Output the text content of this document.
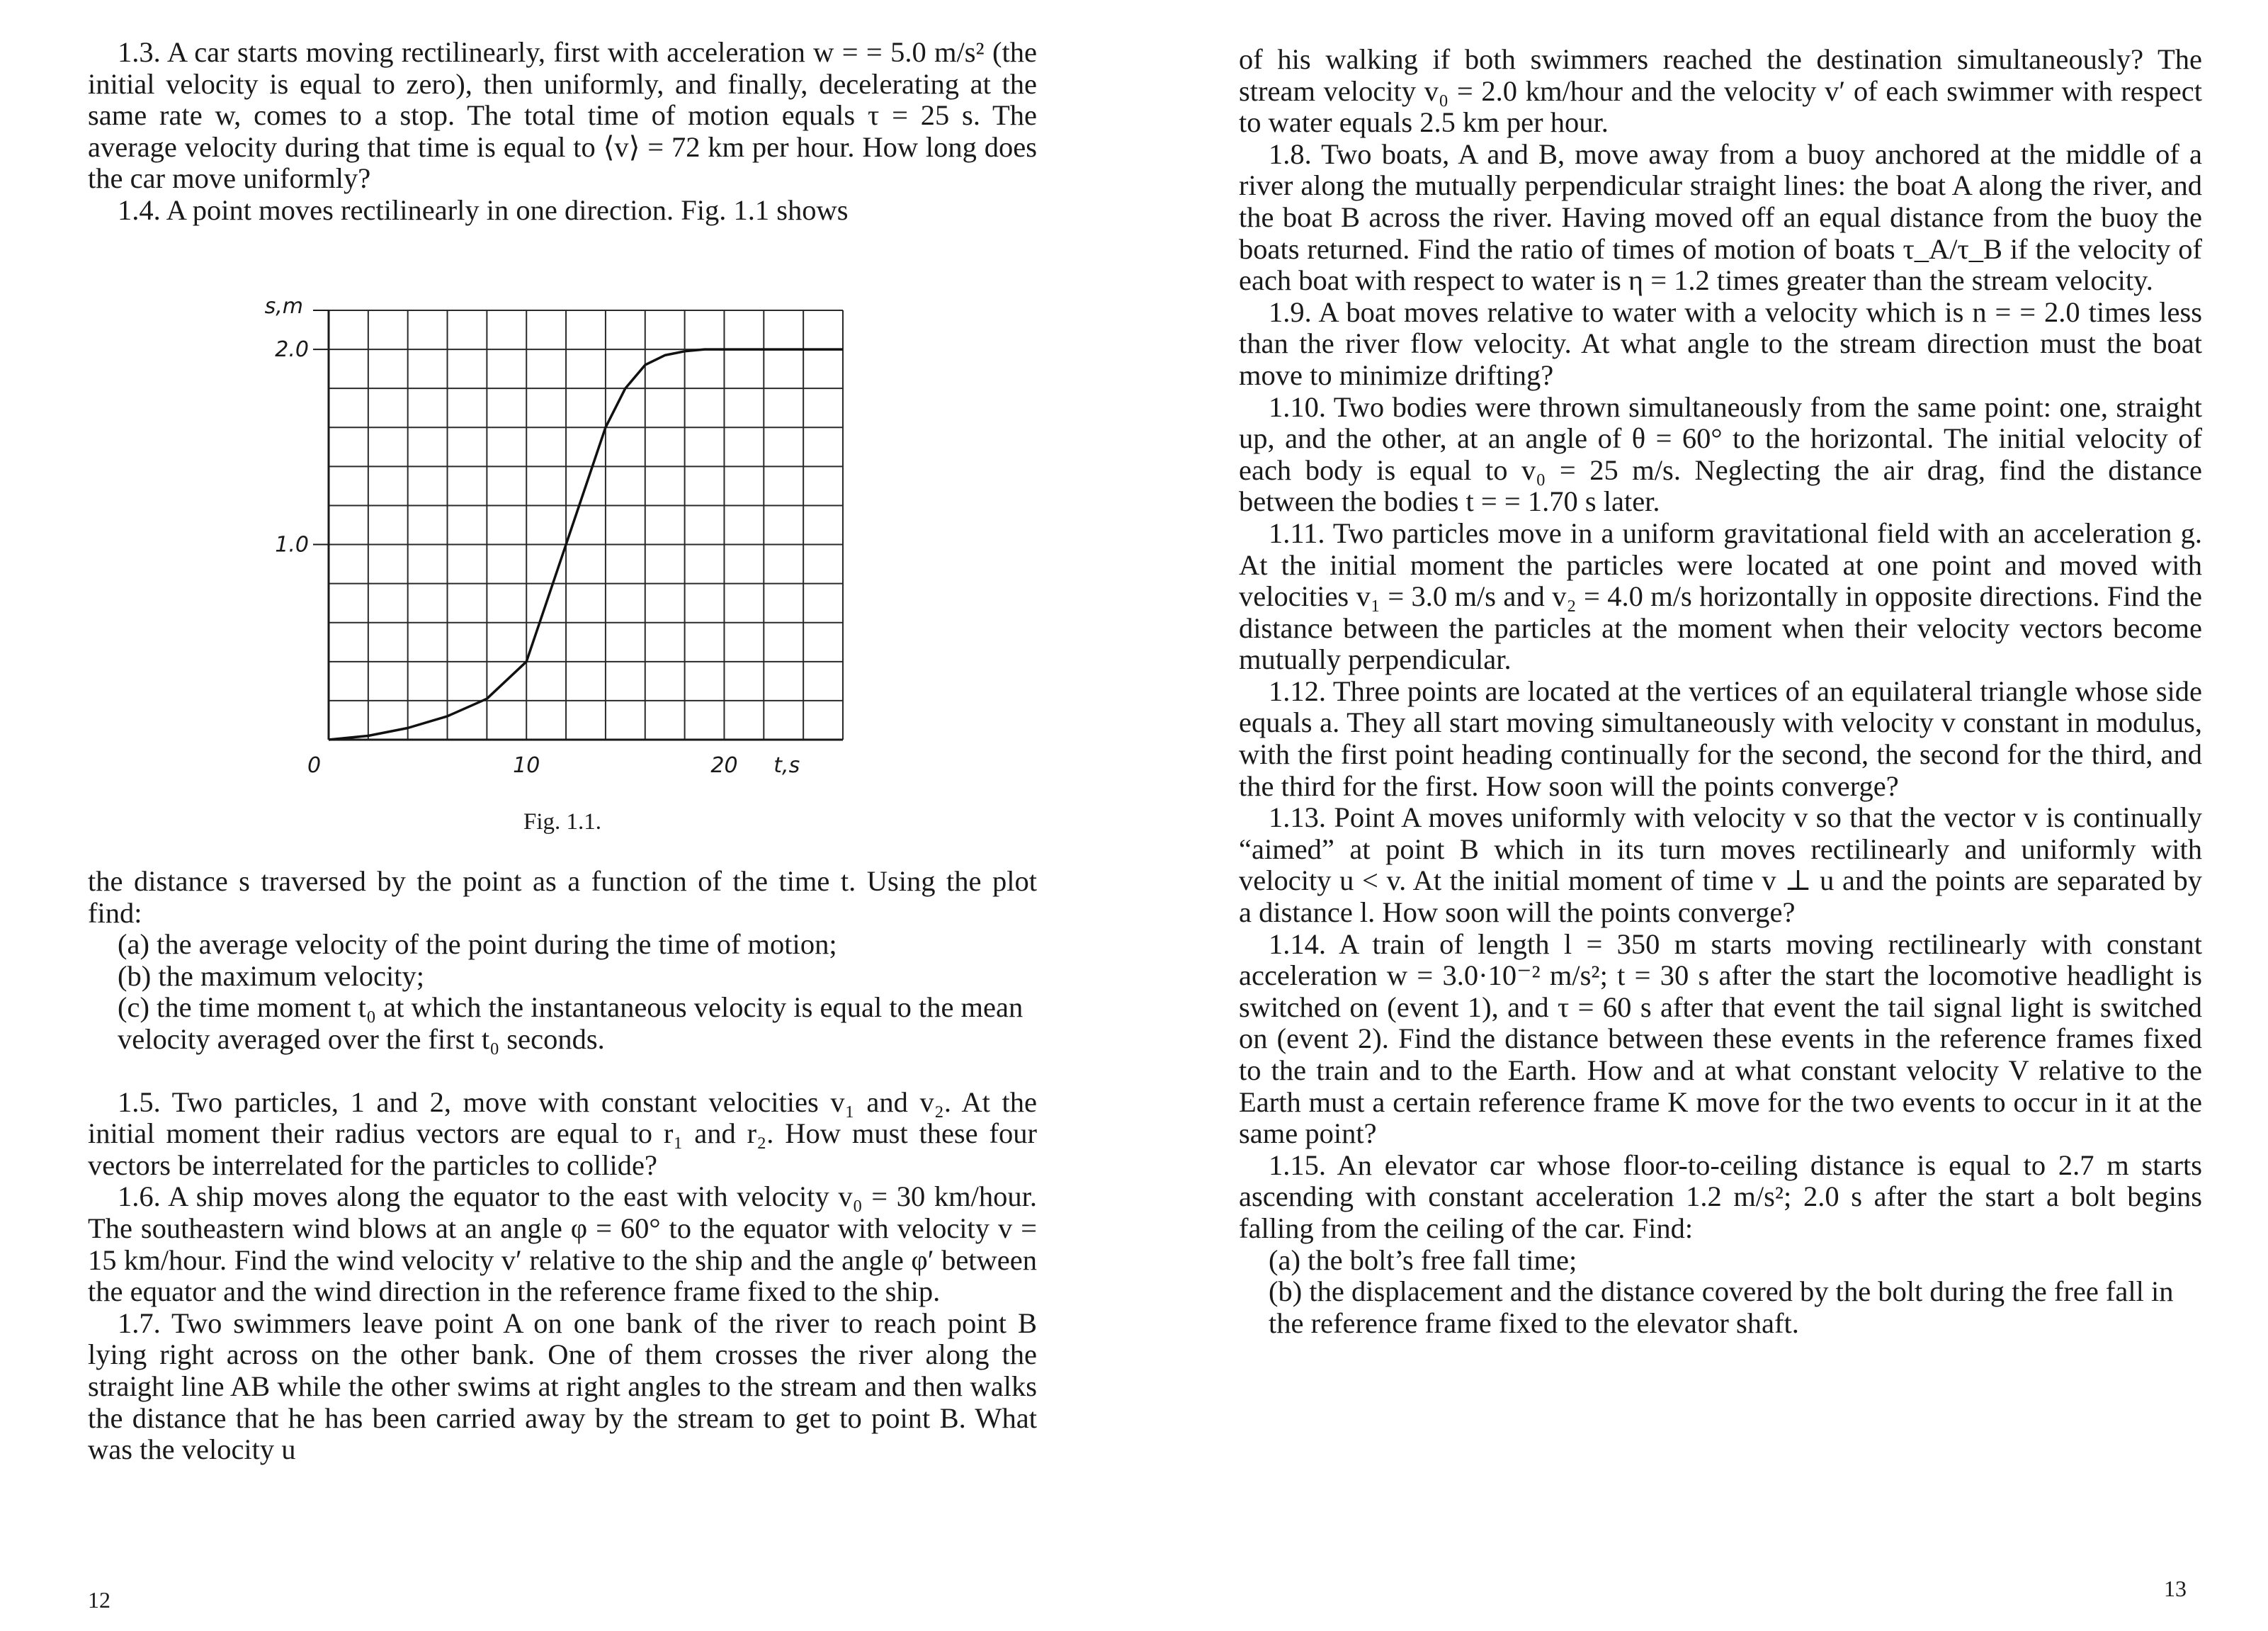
1.3. A car starts moving rectilinearly, first with acceleration w = = 5.0 m/s² (the initial velocity is equal to zero), then uniformly, and finally, decelerating at the same rate w, comes to a stop. The total time of motion equals τ = 25 s. The average velocity during that time is equal to ⟨v⟩ = 72 km per hour. How long does the car move uniformly?

1.4. A point moves rectilinearly in one direction. Fig. 1.1 shows

0	10	20
1.0
2.0
t,s
s,m
Fig. 1.1.

the distance s traversed by the point as a function of the time t. Using the plot find:

(a) the average velocity of the point during the time of motion;

(b) the maximum velocity;

(c) the time moment t₀ at which the instantaneous velocity is equal to the mean velocity averaged over the first t₀ seconds.

1.5. Two particles, 1 and 2, move with constant velocities v₁ and v₂. At the initial moment their radius vectors are equal to r₁ and r₂. How must these four vectors be interrelated for the particles to collide?

1.6. A ship moves along the equator to the east with velocity v₀ = 30 km/hour. The southeastern wind blows at an angle φ = 60° to the equator with velocity v = 15 km/hour. Find the wind velocity v′ relative to the ship and the angle φ′ between the equator and the wind direction in the reference frame fixed to the ship.

1.7. Two swimmers leave point A on one bank of the river to reach point B lying right across on the other bank. One of them crosses the river along the straight line AB while the other swims at right angles to the stream and then walks the distance that he has been carried away by the stream to get to point B. What was the velocity u

12

of his walking if both swimmers reached the destination simultaneously? The stream velocity v₀ = 2.0 km/hour and the velocity v′ of each swimmer with respect to water equals 2.5 km per hour.

1.8. Two boats, A and B, move away from a buoy anchored at the middle of a river along the mutually perpendicular straight lines: the boat A along the river, and the boat B across the river. Having moved off an equal distance from the buoy the boats returned. Find the ratio of times of motion of boats τ_A/τ_B if the velocity of each boat with respect to water is η = 1.2 times greater than the stream velocity.

1.9. A boat moves relative to water with a velocity which is n = = 2.0 times less than the river flow velocity. At what angle to the stream direction must the boat move to minimize drifting?

1.10. Two bodies were thrown simultaneously from the same point: one, straight up, and the other, at an angle of θ = 60° to the horizontal. The initial velocity of each body is equal to v₀ = 25 m/s. Neglecting the air drag, find the distance between the bodies t = = 1.70 s later.

1.11. Two particles move in a uniform gravitational field with an acceleration g. At the initial moment the particles were located at one point and moved with velocities v₁ = 3.0 m/s and v₂ = 4.0 m/s horizontally in opposite directions. Find the distance between the particles at the moment when their velocity vectors become mutually perpendicular.

1.12. Three points are located at the vertices of an equilateral triangle whose side equals a. They all start moving simultaneously with velocity v constant in modulus, with the first point heading continually for the second, the second for the third, and the third for the first. How soon will the points converge?

1.13. Point A moves uniformly with velocity v so that the vector v is continually “aimed” at point B which in its turn moves rectilinearly and uniformly with velocity u < v. At the initial moment of time v ⊥ u and the points are separated by a distance l. How soon will the points converge?

1.14. A train of length l = 350 m starts moving rectilinearly with constant acceleration w = 3.0·10⁻² m/s²; t = 30 s after the start the locomotive headlight is switched on (event 1), and τ = 60 s after that event the tail signal light is switched on (event 2). Find the distance between these events in the reference frames fixed to the train and to the Earth. How and at what constant velocity V relative to the Earth must a certain reference frame K move for the two events to occur in it at the same point?

1.15. An elevator car whose floor-to-ceiling distance is equal to 2.7 m starts ascending with constant acceleration 1.2 m/s²; 2.0 s after the start a bolt begins falling from the ceiling of the car. Find:

(a) the bolt’s free fall time;

(b) the displacement and the distance covered by the bolt during the free fall in the reference frame fixed to the elevator shaft.

13
